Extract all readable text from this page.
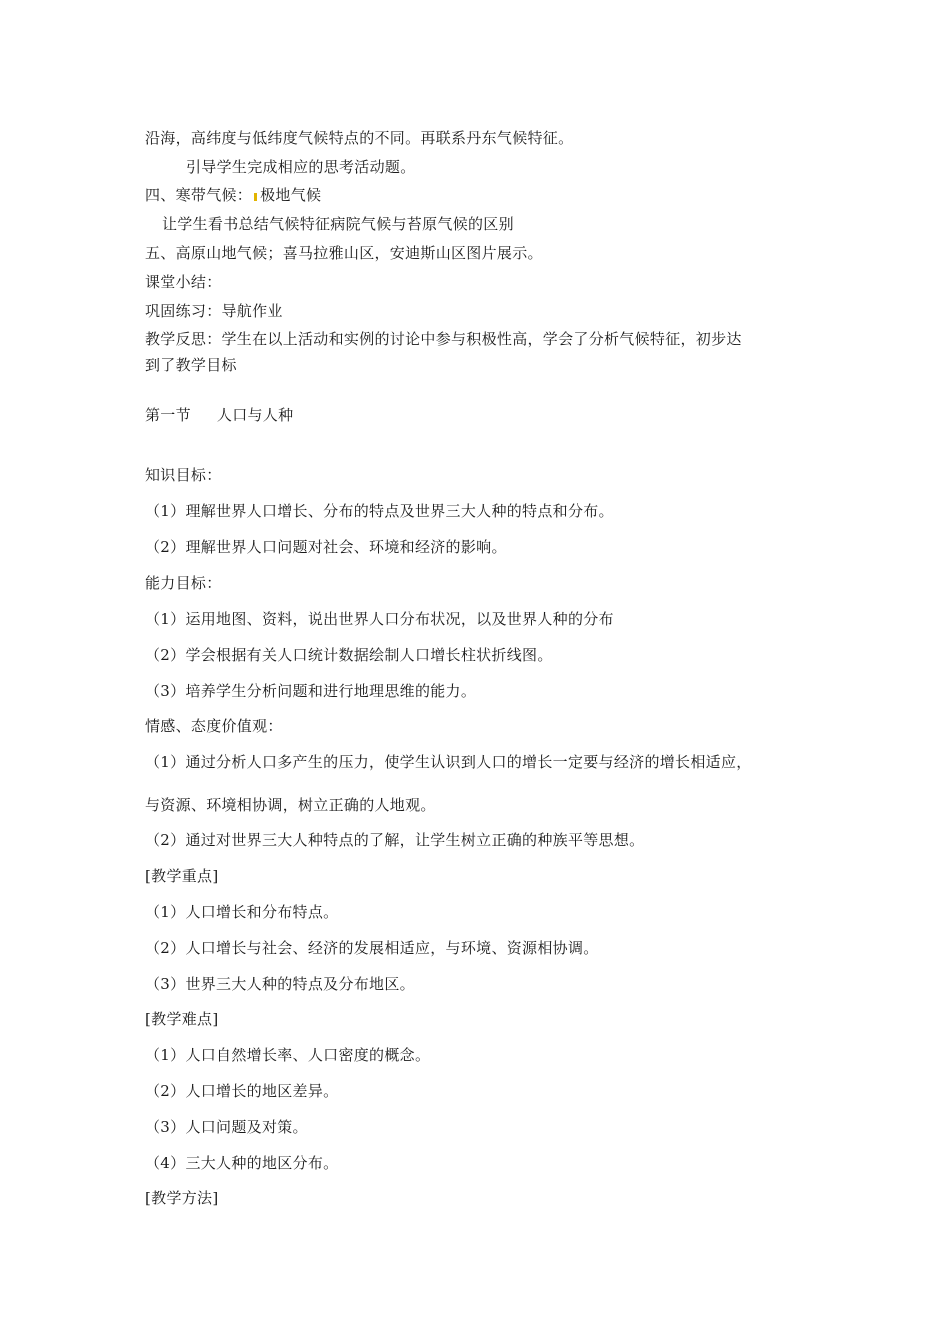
沿海，高纬度与低纬度气候特点的不同。再联系丹东气候特征。
引导学生完成相应的思考活动题。
四、寒带气候： 极地气候
让学生看书总结气候特征病院气候与苔原气候的区别
五、高原山地气候；喜马拉雅山区，安迪斯山区图片展示。
课堂小结：
巩固练习：导航作业
教学反思：学生在以上活动和实例的讨论中参与积极性高，学会了分析气候特征，初步达
到了教学目标
第一节 人口与人种
知识目标：
（1）理解世界人口增长、分布的特点及世界三大人种的特点和分布。
（2）理解世界人口问题对社会、环境和经济的影响。
能力目标：
（1）运用地图、资料，说出世界人口分布状况，以及世界人种的分布
（2）学会根据有关人口统计数据绘制人口增长柱状折线图。
（3）培养学生分析问题和进行地理思维的能力。
情感、态度价值观：
（1）通过分析人口多产生的压力，使学生认识到人口的增长一定要与经济的增长相适应，
与资源、环境相协调，树立正确的人地观。
（2）通过对世界三大人种特点的了解，让学生树立正确的种族平等思想。
[教学重点]
（1）人口增长和分布特点。
（2）人口增长与社会、经济的发展相适应，与环境、资源相协调。
（3）世界三大人种的特点及分布地区。
[教学难点]
（1）人口自然增长率、人口密度的概念。
（2）人口增长的地区差异。
（3）人口问题及对策。
（4）三大人种的地区分布。
[教学方法]
